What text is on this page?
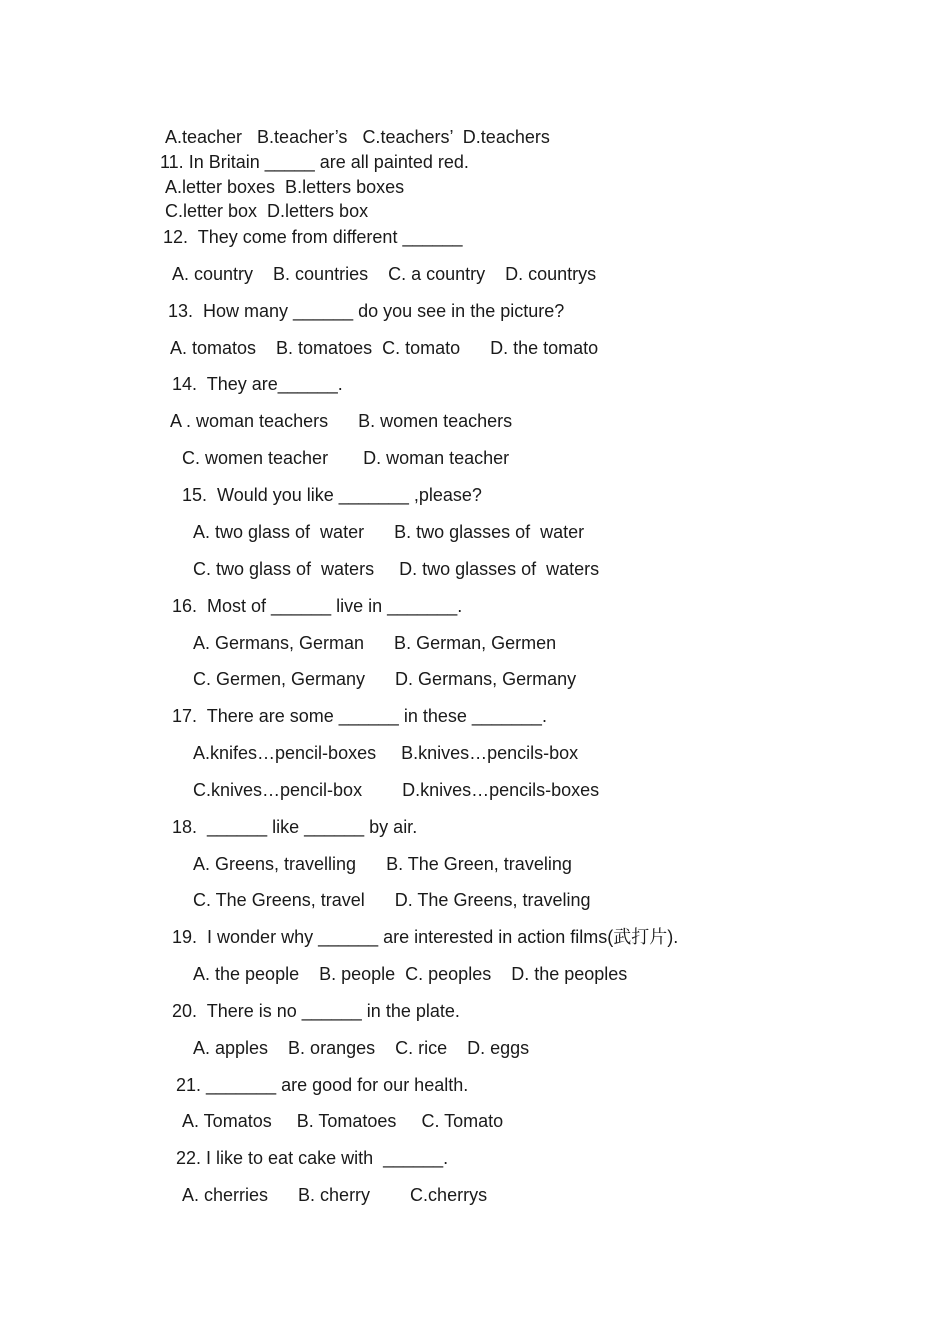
A.teacher   B.teacher’s   C.teachers’  D.teachers
11. In Britain _____ are all painted red.
A.letter boxes  B.letters boxes
C.letter box  D.letters box
12.  They come from different ______
A. country    B. countries    C. a country    D. countrys
13.  How many ______ do you see in the picture?
A. tomatos    B. tomatoes  C. tomato      D. the tomato
14.  They are______.
A . woman teachers      B. women teachers
C. women teacher       D. woman teacher
15.  Would you like _______ ,please?
A. two glass of  water      B. two glasses of  water
C. two glass of  waters     D. two glasses of  waters
16.  Most of ______ live in _______.
A. Germans, German      B. German, Germen
C. Germen, Germany      D. Germans, Germany
17.  There are some ______ in these _______.
A.knifes…pencil-boxes     B.knives…pencils-box
C.knives…pencil-box        D.knives…pencils-boxes
18.  ______ like ______ by air.
A. Greens, travelling      B. The Green, traveling
C. The Greens, travel      D. The Greens, traveling
19.  I wonder why ______ are interested in action films(武打片).
A. the people    B. people  C. peoples    D. the peoples
20.  There is no ______ in the plate.
A. apples    B. oranges    C. rice    D. eggs
21. _______ are good for our health.
A. Tomatos     B. Tomatoes     C. Tomato
22. I like to eat cake with  ______.
A. cherries      B. cherry        C.cherrys
